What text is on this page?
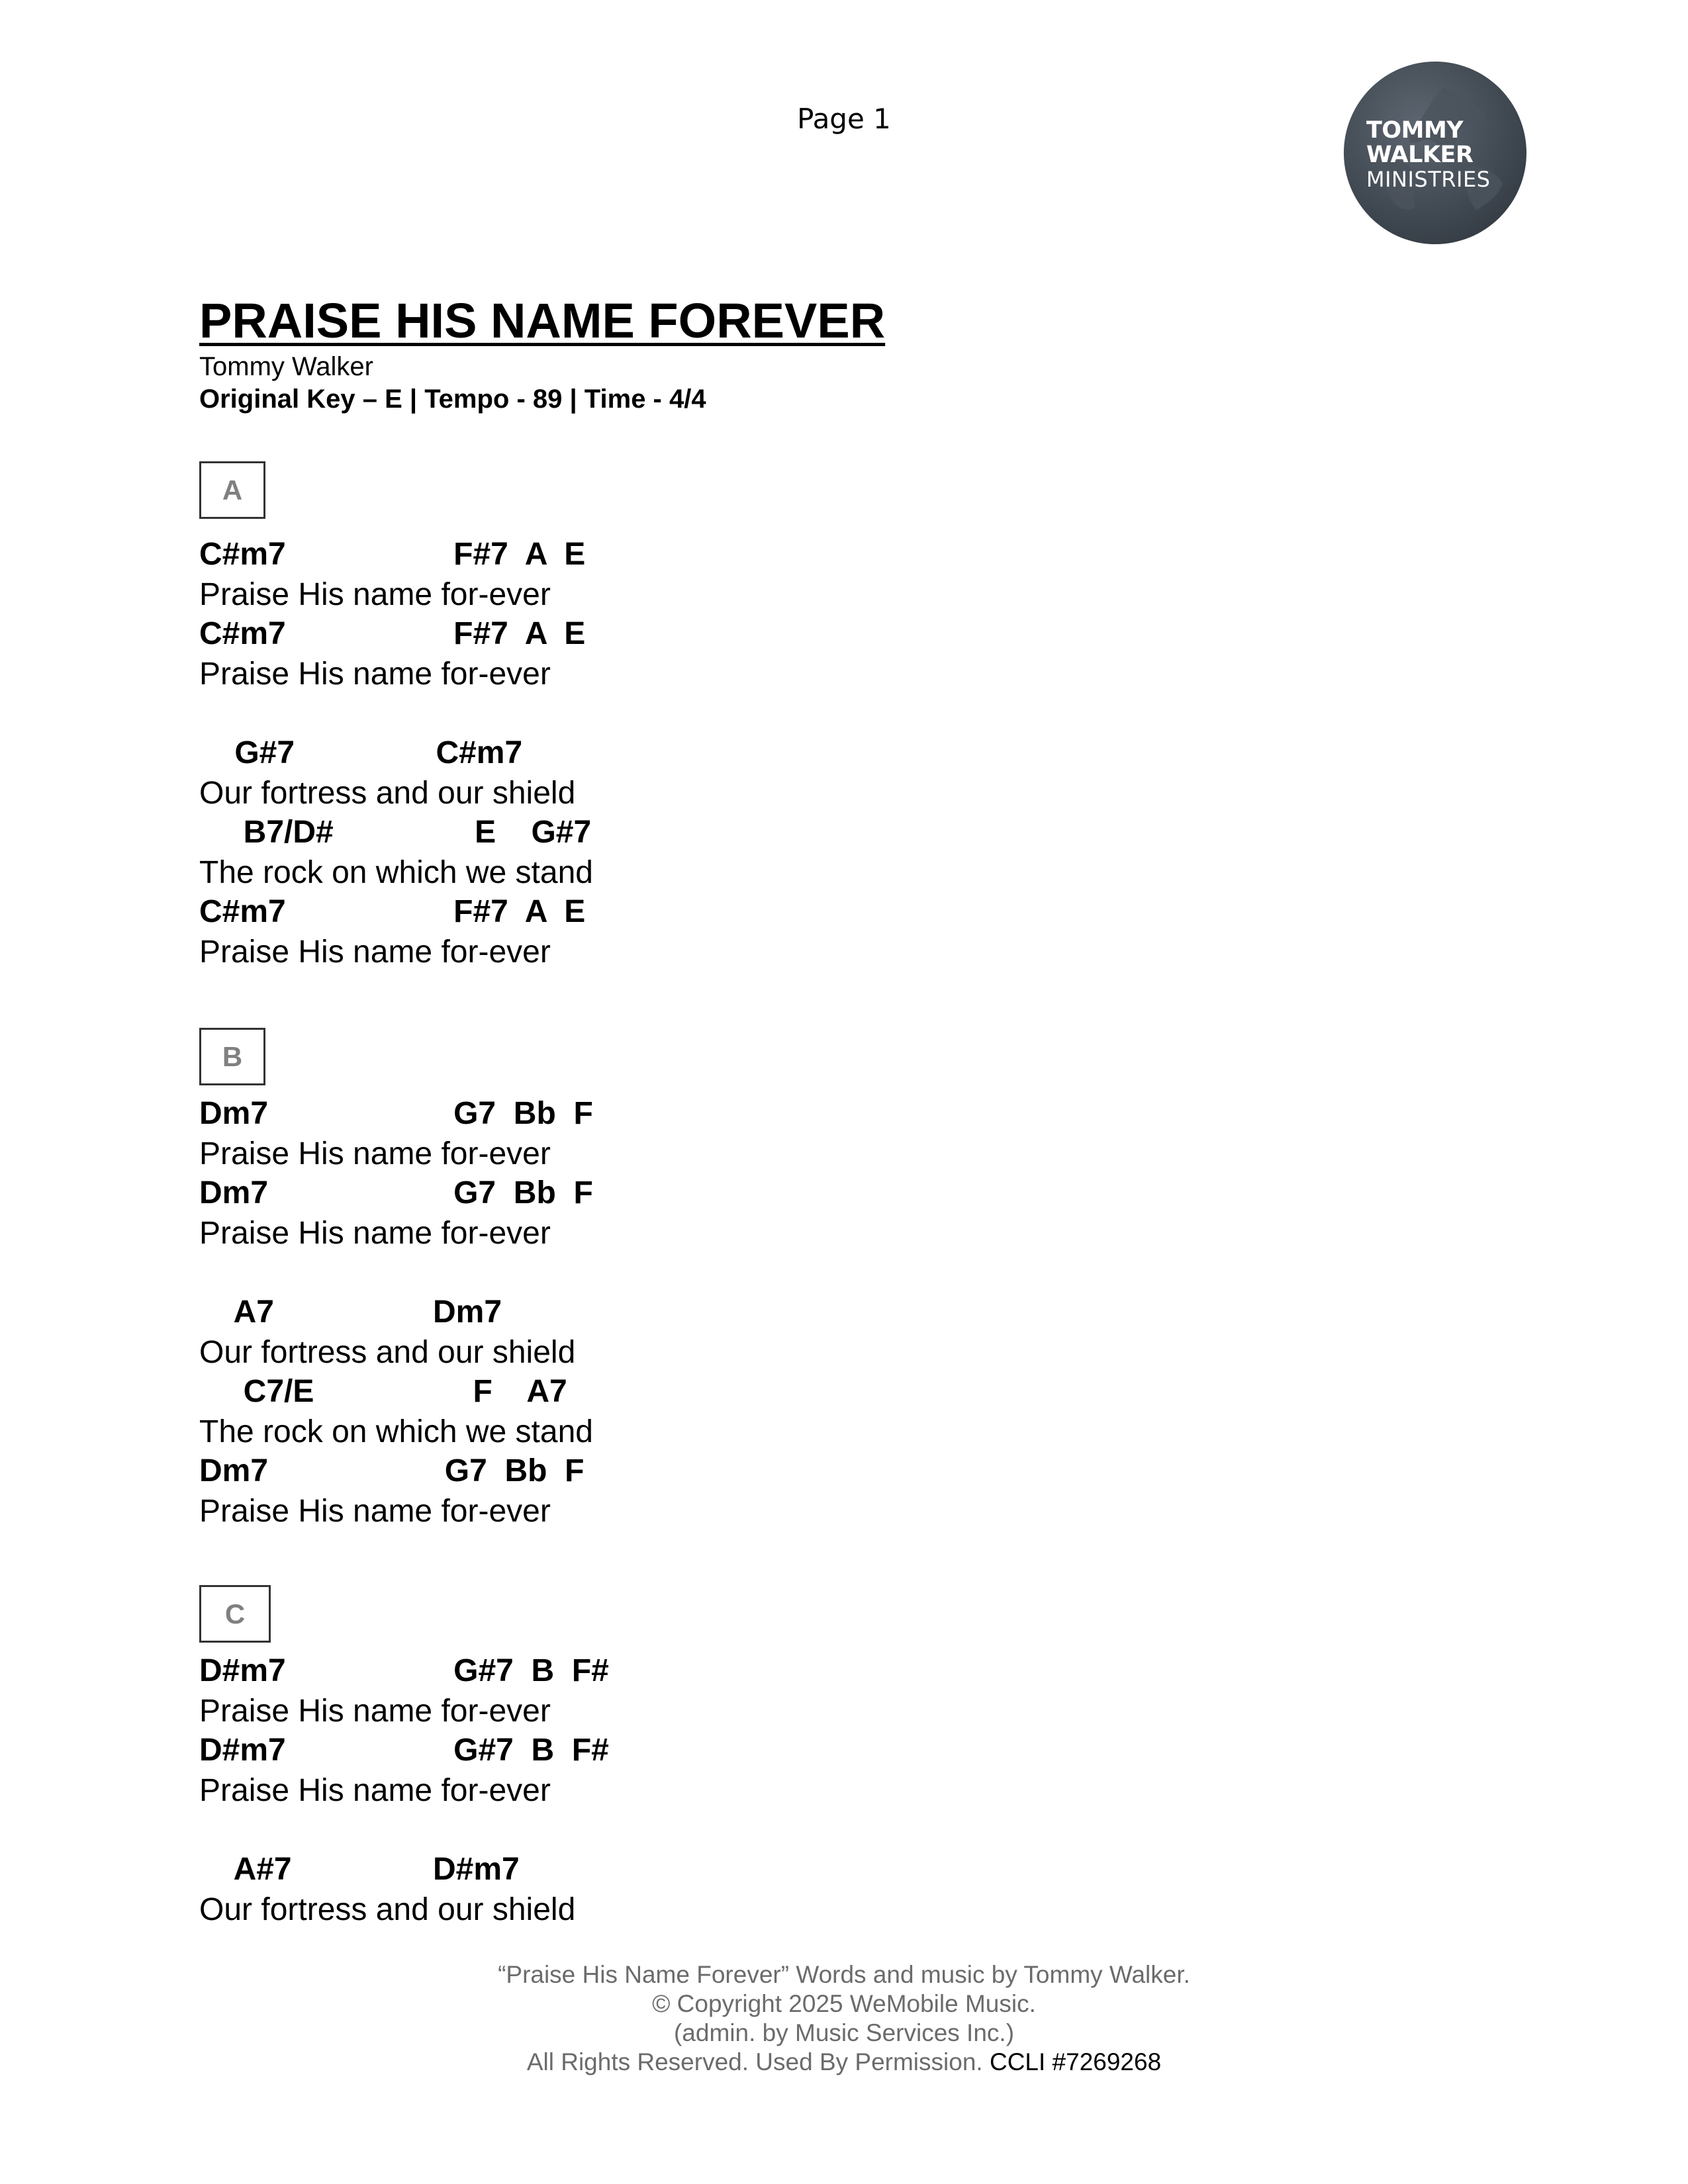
Page 1	TOMMY
WALKER
MINISTRIES
PRAISE HIS NAME FOREVER
Tommy Walker
Original Key – E | Tempo - 89 | Time - 4/4
A
C#m7                   F#7  A  E
Praise His name for-ever
C#m7                   F#7  A  E
Praise His name for-ever
G#7                C#m7
Our fortress and our shield
B7/D#                E    G#7
The rock on which we stand
C#m7                   F#7  A  E
Praise His name for-ever
B
Dm7                     G7  Bb  F
Praise His name for-ever
Dm7                     G7  Bb  F
Praise His name for-ever
A7                  Dm7
Our fortress and our shield
C7/E                  F    A7
The rock on which we stand
Dm7                    G7  Bb  F
Praise His name for-ever
C
D#m7                   G#7  B  F#
Praise His name for-ever
D#m7                   G#7  B  F#
Praise His name for-ever
A#7                D#m7
Our fortress and our shield
“Praise His Name Forever” Words and music by Tommy Walker.
© Copyright 2025 WeMobile Music.
(admin. by Music Services Inc.)
All Rights Reserved. Used By Permission. CCLI #7269268
